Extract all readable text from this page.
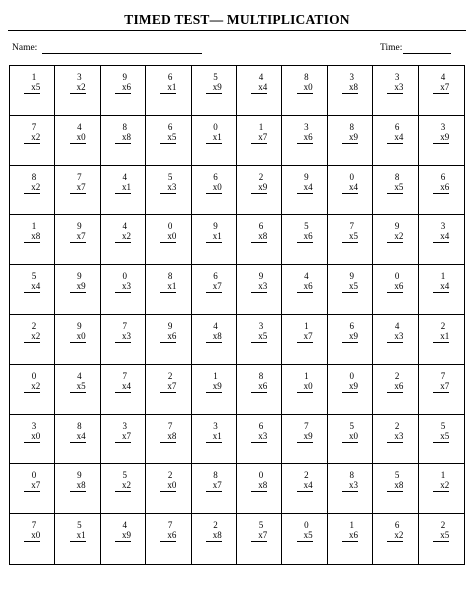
TIMED TEST— MULTIPLICATION
Name:	Time:
1
x5
3
x2
9
x6
6
x1
5
x9
4
x4
8
x0
3
x8
3
x3
4
x7
7
x2
4
x0
8
x8
6
x5
0
x1
1
x7
3
x6
8
x9
6
x4
3
x9
8
x2
7
x7
4
x1
5
x3
6
x0
2
x9
9
x4
0
x4
8
x5
6
x6
1
x8
9
x7
4
x2
0
x0
9
x1
6
x8
5
x6
7
x5
9
x2
3
x4
5
x4
9
x9
0
x3
8
x1
6
x7
9
x3
4
x6
9
x5
0
x6
1
x4
2
x2
9
x0
7
x3
9
x6
4
x8
3
x5
1
x7
6
x9
4
x3
2
x1
0
x2
4
x5
7
x4
2
x7
1
x9
8
x6
1
x0
0
x9
2
x6
7
x7
3
x0
8
x4
3
x7
7
x8
3
x1
6
x3
7
x9
5
x0
2
x3
5
x5
0
x7
9
x8
5
x2
2
x0
8
x7
0
x8
2
x4
8
x3
5
x8
1
x2
7
x0
5
x1
4
x9
7
x6
2
x8
5
x7
0
x5
1
x6
6
x2
2
x5
